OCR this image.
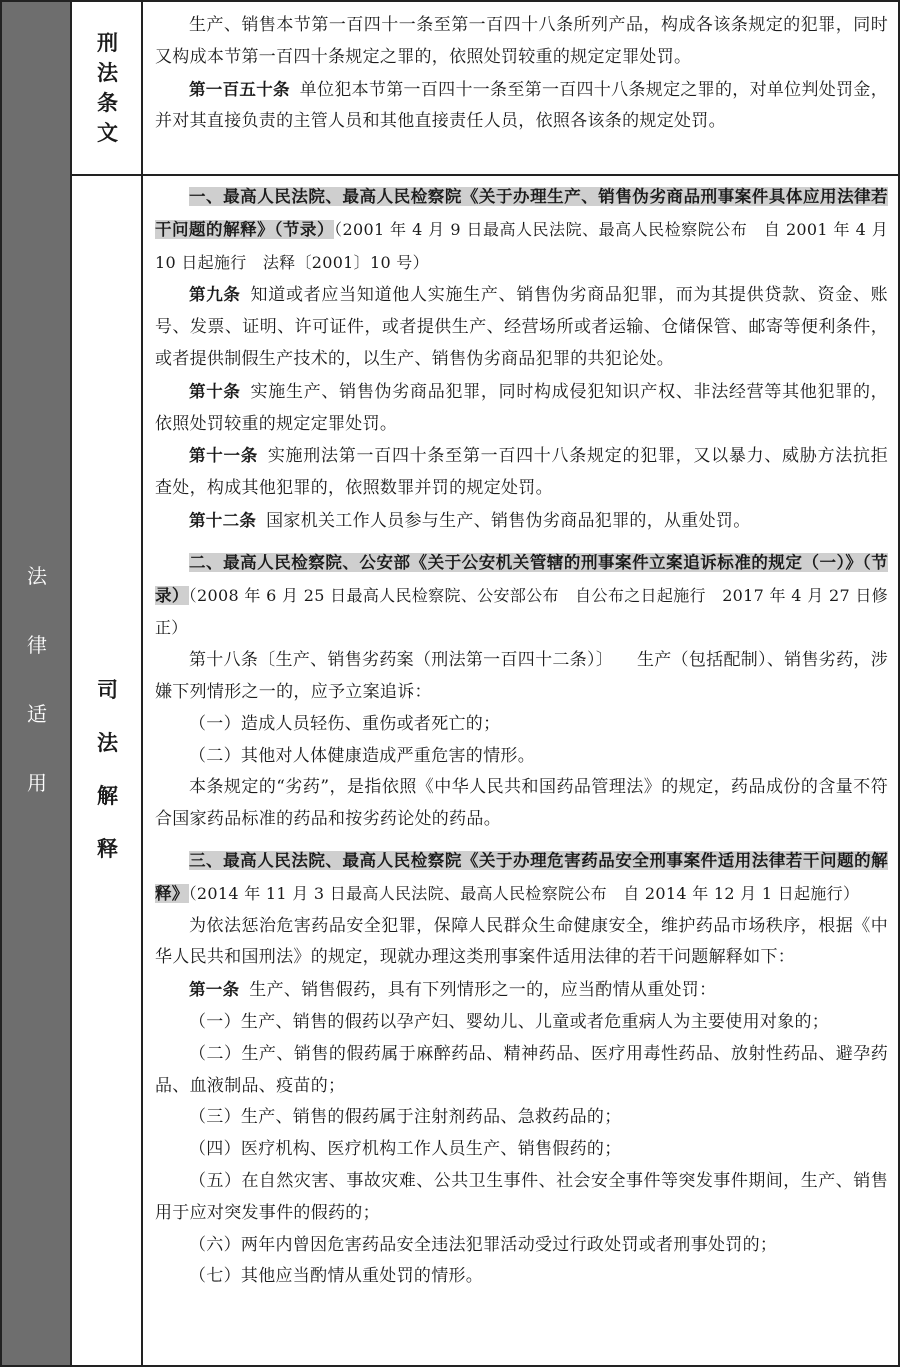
法
律
适
用
刑
法
条
文

生产、销售本节第一百四十一条至第一百四十八条所列产品，构成各该条规定的犯罪，同时又构成本节第一百四十条规定之罪的，依照处罚较重的规定定罪处罚。

第一百五十条 单位犯本节第一百四十一条至第一百四十八条规定之罪的，对单位判处罚金，并对其直接负责的主管人员和其他直接责任人员，依照各该条的规定处罚。

司
法
解
释

一、最高人民法院、最高人民检察院《关于办理生产、销售伪劣商品刑事案件具体应用法律若干问题的解释》（节录）（2001 年 4 月 9 日最高人民法院、最高人民检察院公布　自 2001 年 4 月 10 日起施行　法释〔2001〕10 号）

第九条 知道或者应当知道他人实施生产、销售伪劣商品犯罪，而为其提供贷款、资金、账号、发票、证明、许可证件，或者提供生产、经营场所或者运输、仓储保管、邮寄等便利条件，或者提供制假生产技术的，以生产、销售伪劣商品犯罪的共犯论处。

第十条 实施生产、销售伪劣商品犯罪，同时构成侵犯知识产权、非法经营等其他犯罪的，依照处罚较重的规定定罪处罚。

第十一条 实施刑法第一百四十条至第一百四十八条规定的犯罪，又以暴力、威胁方法抗拒查处，构成其他犯罪的，依照数罪并罚的规定处罚。

第十二条 国家机关工作人员参与生产、销售伪劣商品犯罪的，从重处罚。

二、最高人民检察院、公安部《关于公安机关管辖的刑事案件立案追诉标准的规定（一）》（节录）（2008 年 6 月 25 日最高人民检察院、公安部公布　自公布之日起施行　2017 年 4 月 27 日修正）

第十八条〔生产、销售劣药案（刑法第一百四十二条）〕 生产（包括配制）、销售劣药，涉嫌下列情形之一的，应予立案追诉：

（一）造成人员轻伤、重伤或者死亡的；

（二）其他对人体健康造成严重危害的情形。

本条规定的“劣药”，是指依照《中华人民共和国药品管理法》的规定，药品成份的含量不符合国家药品标准的药品和按劣药论处的药品。

三、最高人民法院、最高人民检察院《关于办理危害药品安全刑事案件适用法律若干问题的解释》（2014 年 11 月 3 日最高人民法院、最高人民检察院公布　自 2014 年 12 月 1 日起施行）

为依法惩治危害药品安全犯罪，保障人民群众生命健康安全，维护药品市场秩序，根据《中华人民共和国刑法》的规定，现就办理这类刑事案件适用法律的若干问题解释如下：

第一条 生产、销售假药，具有下列情形之一的，应当酌情从重处罚：

（一）生产、销售的假药以孕产妇、婴幼儿、儿童或者危重病人为主要使用对象的；

（二）生产、销售的假药属于麻醉药品、精神药品、医疗用毒性药品、放射性药品、避孕药品、血液制品、疫苗的；

（三）生产、销售的假药属于注射剂药品、急救药品的；

（四）医疗机构、医疗机构工作人员生产、销售假药的；

（五）在自然灾害、事故灾难、公共卫生事件、社会安全事件等突发事件期间，生产、销售用于应对突发事件的假药的；

（六）两年内曾因危害药品安全违法犯罪活动受过行政处罚或者刑事处罚的；

（七）其他应当酌情从重处罚的情形。
